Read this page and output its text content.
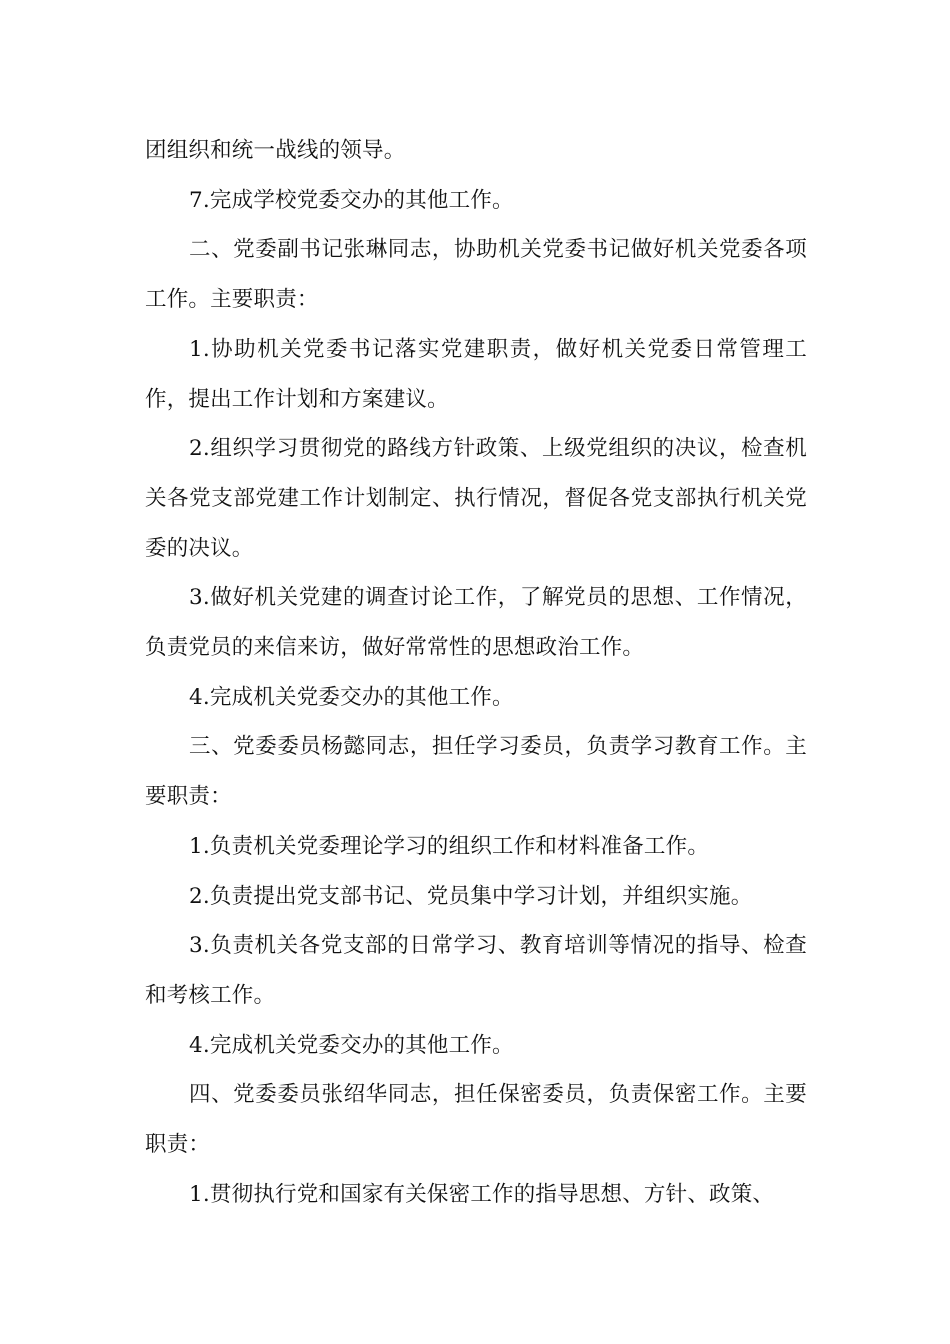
团组织和统一战线的领导。

7.完成学校党委交办的其他工作。

二、党委副书记张琳同志，协助机关党委书记做好机关党委各项工作。主要职责：

1.协助机关党委书记落实党建职责，做好机关党委日常管理工作，提出工作计划和方案建议。

2.组织学习贯彻党的路线方针政策、上级党组织的决议，检查机关各党支部党建工作计划制定、执行情况，督促各党支部执行机关党委的决议。

3.做好机关党建的调查讨论工作，了解党员的思想、工作情况，负责党员的来信来访，做好常常性的思想政治工作。

4.完成机关党委交办的其他工作。

三、党委委员杨懿同志，担任学习委员，负责学习教育工作。主要职责：

1.负责机关党委理论学习的组织工作和材料准备工作。

2.负责提出党支部书记、党员集中学习计划，并组织实施。

3.负责机关各党支部的日常学习、教育培训等情况的指导、检查和考核工作。

4.完成机关党委交办的其他工作。

四、党委委员张绍华同志，担任保密委员，负责保密工作。主要职责：

1.贯彻执行党和国家有关保密工作的指导思想、方针、政策、
